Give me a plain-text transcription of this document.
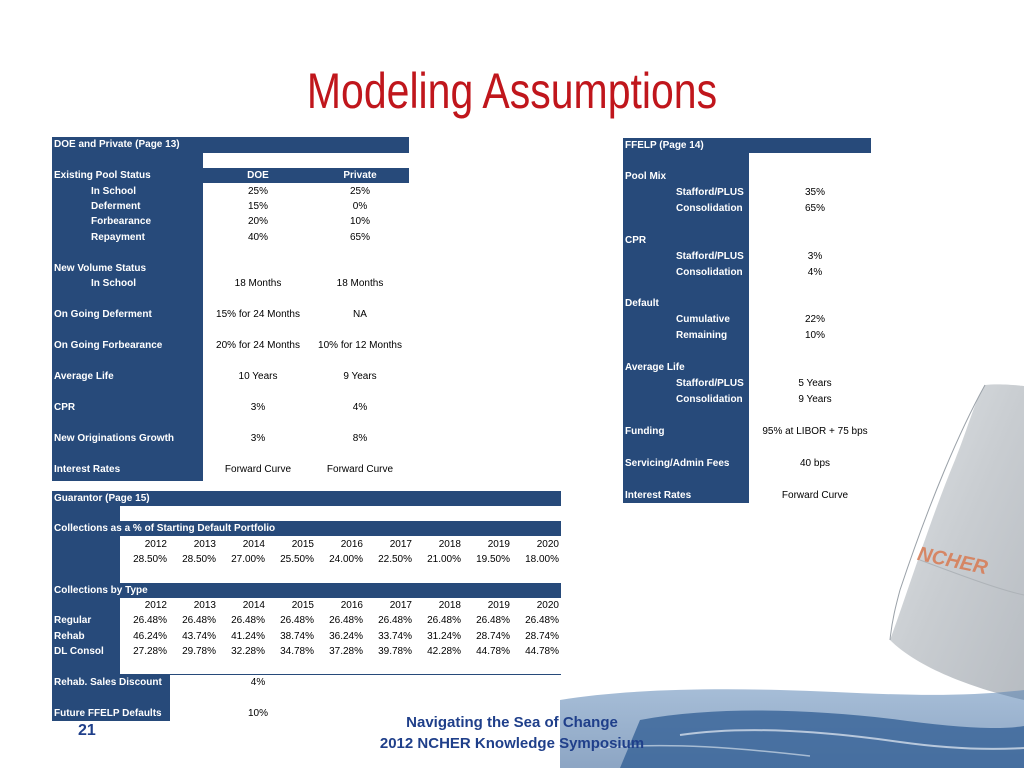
NCHER
Modeling Assumptions
DOE and Private (Page 13)
Existing Pool Status	DOE	Private
In School	25%	25%
Deferment	15%	0%
Forbearance	20%	10%
Repayment	40%	65%
New Volume Status
In School	18 Months	18 Months
On Going Deferment	15% for 24 Months	NA
On Going Forbearance	20% for 24 Months	10% for 12 Months
Average Life	10 Years	9 Years
CPR	3%	4%
New Originations Growth	3%	8%
Interest Rates	Forward Curve	Forward Curve
Guarantor (Page 15)
Collections as a % of Starting Default Portfolio
Collections by Type
2012	2013	2014	2015	2016	2017	2018	2019	2020
28.50%	28.50%	27.00%	25.50%	24.00%	22.50%	21.00%	19.50%	18.00%
2012	2013	2014	2015	2016	2017	2018	2019	2020
Regular	26.48%	26.48%	26.48%	26.48%	26.48%	26.48%	26.48%	26.48%	26.48%
Rehab	46.24%	43.74%	41.24%	38.74%	36.24%	33.74%	31.24%	28.74%	28.74%
DL Consol	27.28%	29.78%	32.28%	34.78%	37.28%	39.78%	42.28%	44.78%	44.78%
Rehab. Sales Discount	4%
Future FFELP Defaults	10%
FFELP (Page 14)
Pool Mix
Stafford/PLUS	35%
Consolidation	65%
CPR
Stafford/PLUS	3%
Consolidation	4%
Default
Cumulative	22%
Remaining	10%
Average Life
Stafford/PLUS	5 Years
Consolidation	9 Years
Funding	95% at LIBOR + 75 bps
Servicing/Admin Fees	40 bps
Interest Rates	Forward Curve
21	Navigating the Sea of Change
2012 NCHER Knowledge Symposium
